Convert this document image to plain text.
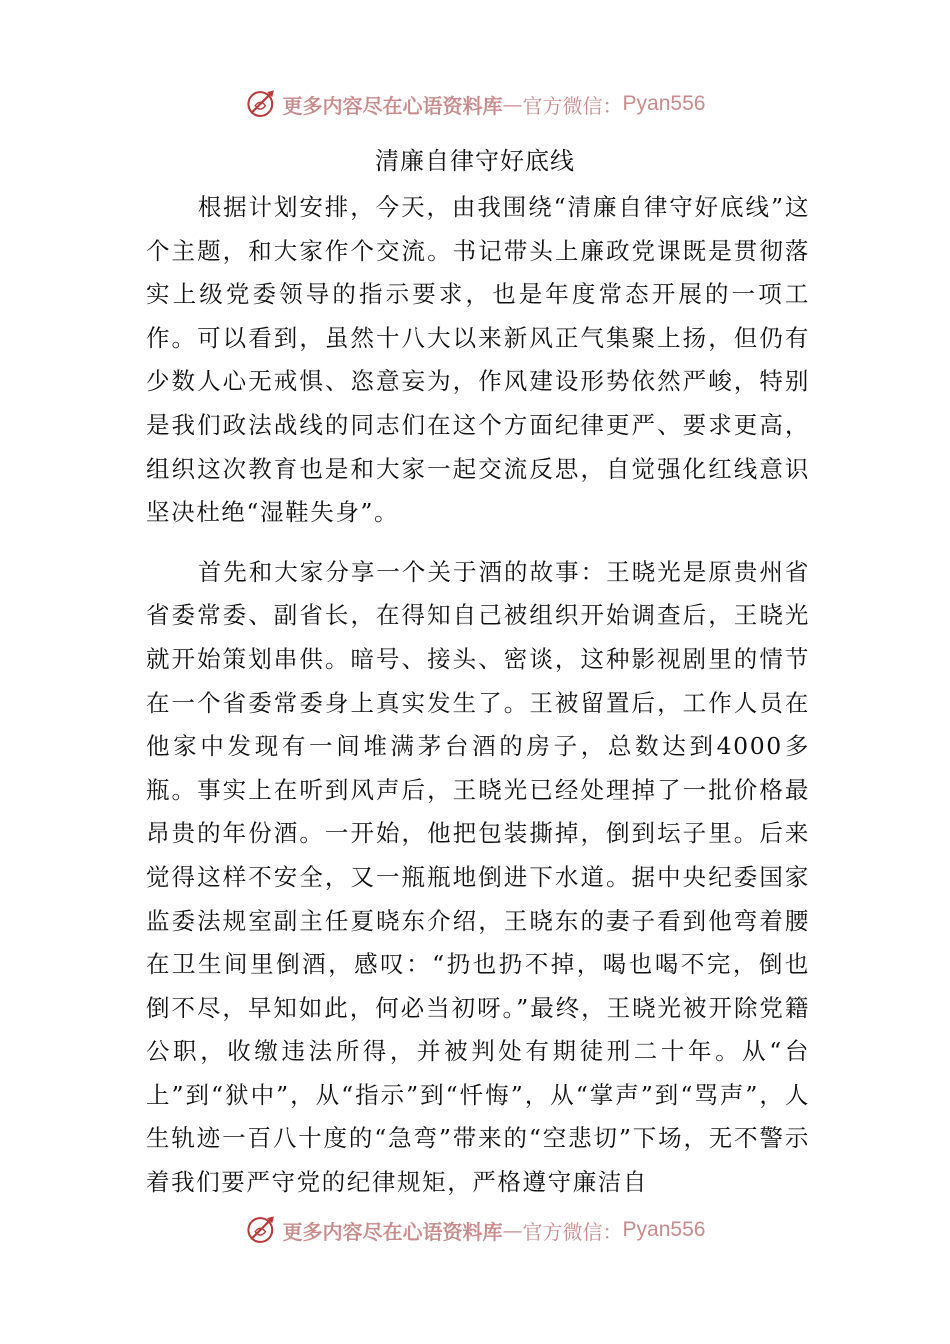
更多内容尽在心语资料库 — 官方微信： Pyan556
清廉自律守好底线

根据计划安排，今天，由我围绕“清廉自律守好底线”这个主题，和大家作个交流。书记带头上廉政党课既是贯彻落实上级党委领导的指示要求，也是年度常态开展的一项工作。可以看到，虽然十八大以来新风正气集聚上扬，但仍有少数人心无戒惧、恣意妄为，作风建设形势依然严峻，特别是我们政法战线的同志们在这个方面纪律更严、要求更高，组织这次教育也是和大家一起交流反思，自觉强化红线意识坚决杜绝“湿鞋失身”。

首先和大家分享一个关于酒的故事：王晓光是原贵州省省委常委、副省长，在得知自己被组织开始调查后，王晓光就开始策划串供。暗号、接头、密谈，这种影视剧里的情节在一个省委常委身上真实发生了。王被留置后，工作人员在他家中发现有一间堆满茅台酒的房子，总数达到4000多瓶。事实上在听到风声后，王晓光已经处理掉了一批价格最昂贵的年份酒。一开始，他把包装撕掉，倒到坛子里。后来觉得这样不安全，又一瓶瓶地倒进下水道。据中央纪委国家监委法规室副主任夏晓东介绍，王晓东的妻子看到他弯着腰在卫生间里倒酒，感叹：“扔也扔不掉，喝也喝不完，倒也倒不尽，早知如此，何必当初呀。”最终，王晓光被开除党籍公职，收缴违法所得，并被判处有期徒刑二十年。从“台上”到“狱中”，从“指示”到“忏悔”，从“掌声”到“骂声”，人生轨迹一百八十度的“急弯”带来的“空悲切”下场，无不警示着我们要严守党的纪律规矩，严格遵守廉洁自

更多内容尽在心语资料库 — 官方微信： Pyan556
